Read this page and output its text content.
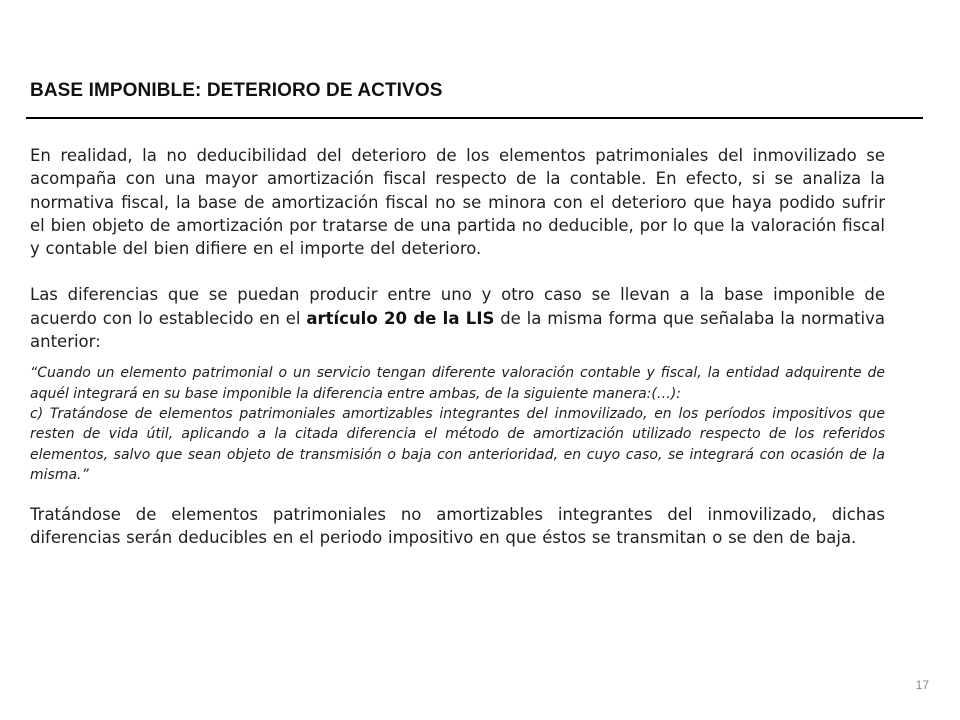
BASE IMPONIBLE: DETERIORO DE ACTIVOS

En realidad, la no deducibilidad del deterioro de los elementos patrimoniales del inmovilizado se acompaña con una mayor amortización fiscal respecto de la contable. En efecto, si se analiza la normativa fiscal, la base de amortización fiscal no se minora con el deterioro que haya podido sufrir el bien objeto de amortización por tratarse de una partida no deducible, por lo que la valoración fiscal y contable del bien difiere en el importe del deterioro.

Las diferencias que se puedan producir entre uno y otro caso se llevan a la base imponible de acuerdo con lo establecido en el artículo 20 de la LIS de la misma forma que señalaba la normativa anterior:

“Cuando un elemento patrimonial o un servicio tengan diferente valoración contable y fiscal, la entidad adquirente de aquél integrará en su base imponible la diferencia entre ambas, de la siguiente manera:(…):

c) Tratándose de elementos patrimoniales amortizables integrantes del inmovilizado, en los períodos impositivos que resten de vida útil, aplicando a la citada diferencia el método de amortización utilizado respecto de los referidos elementos, salvo que sean objeto de transmisión o baja con anterioridad, en cuyo caso, se integrará con ocasión de la misma.”

Tratándose de elementos patrimoniales no amortizables integrantes del inmovilizado, dichas diferencias serán deducibles en el periodo impositivo en que éstos se transmitan o se den de baja.

17
